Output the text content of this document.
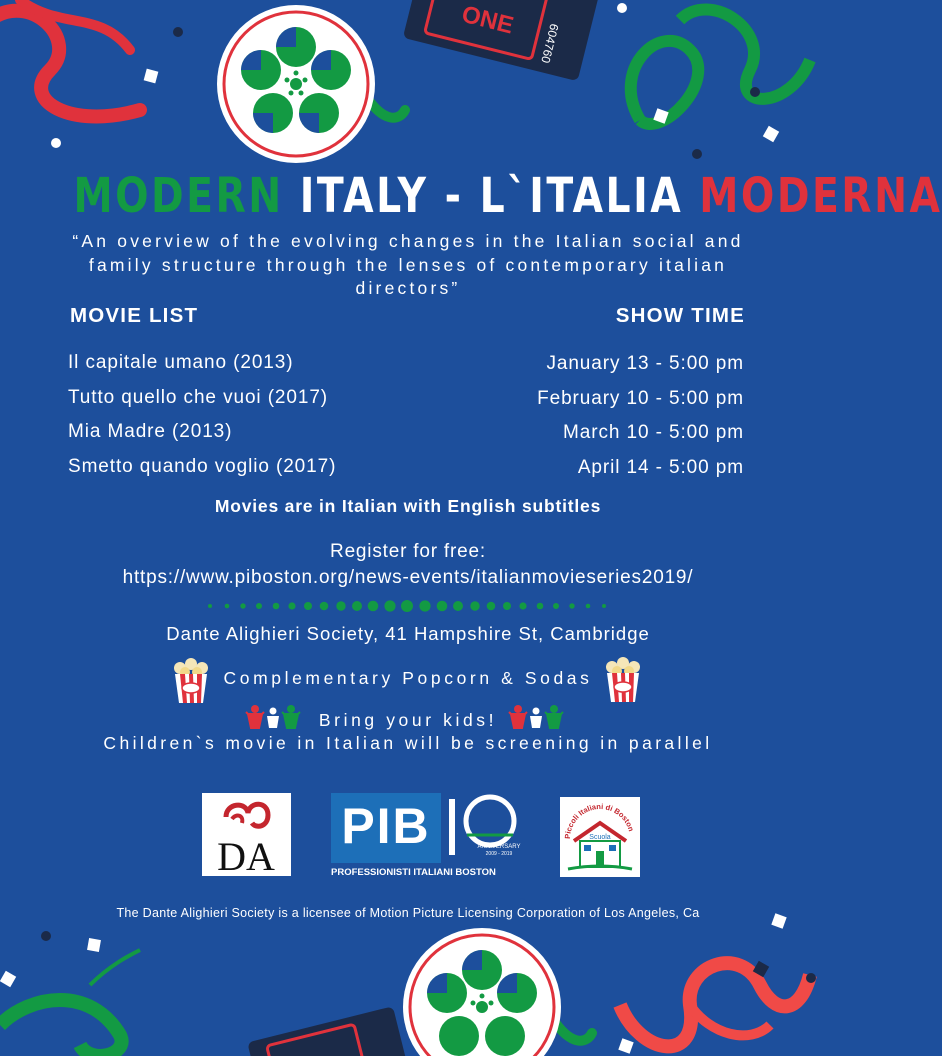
ONE
604760
MODERN ITALY - L`ITALIA MODERNA
“An overview of the evolving changes in the Italian social and family structure through the lenses of contemporary italian directors”
MOVIE LIST	SHOW TIME
Il capitale umano (2013)
Tutto quello che vuoi (2017)
Mia Madre (2013)
Smetto quando voglio (2017)
January 13 - 5:00 pm
February 10 - 5:00 pm
March 10 - 5:00 pm
April 14 - 5:00 pm
Movies are in Italian with English subtitles
Register for free:
https://www.piboston.org/news-events/italianmovieseries2019/
Dante Alighieri Society, 41 Hampshire St, Cambridge
Complementary Popcorn & Sodas
Bring your kids!
Children`s movie in Italian will be screening in parallel
DA
PIB	ANNIVERSARY
2009 - 2019
PROFESSIONISTI ITALIANI BOSTON
Piccoli Italiani di Boston
Scuola
The Dante Alighieri Society is a licensee of Motion Picture Licensing Corporation of Los Angeles, Ca
